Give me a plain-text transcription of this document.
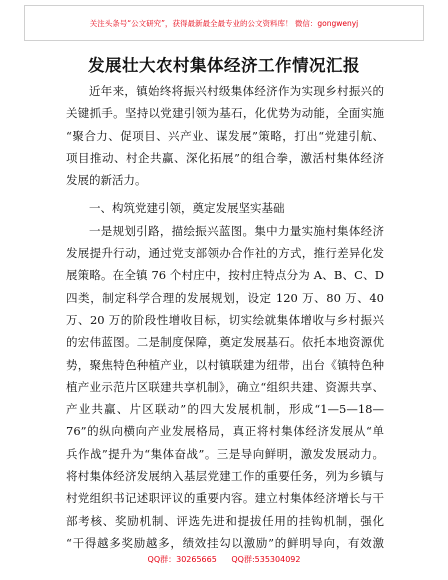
关注头条号“公文研究”，获得最新最全最专业的公文资料库！ 微信：gongwenyj
发展壮大农村集体经济工作情况汇报
近年来，镇始终将振兴村级集体经济作为实现乡村振兴的
关键抓手。坚持以党建引领为基石，化优势为动能，全面实施
“聚合力、促项目、兴产业、谋发展”策略，打出“党建引航、
项目推动、村企共赢、深化拓展”的组合拳，激活村集体经济
发展的新活力。
一、构筑党建引领，奠定发展坚实基础
一是规划引路，描绘振兴蓝图。集中力量实施村集体经济
发展提升行动，通过党支部领办合作社的方式，推行差异化发
展策略。在全镇 76 个村庄中，按村庄特点分为 A、B、C、D
四类，制定科学合理的发展规划，设定 120 万、80 万、40
万、20 万的阶段性增收目标，切实绘就集体增收与乡村振兴
的宏伟蓝图。二是制度保障，奠定发展基石。依托本地资源优
势，聚焦特色种植产业，以村镇联建为纽带，出台《镇特色种
植产业示范片区联建共享机制》，确立“组织共建、资源共享、
产业共赢、片区联动”的四大发展机制，形成“1—5—18—
76”的纵向横向产业发展格局，真正将村集体经济发展从“单
兵作战”提升为“集体奋战”。三是导向鲜明，激发发展动力。
将村集体经济发展纳入基层党建工作的重要任务，列为乡镇与
村党组织书记述职评议的重要内容。建立村集体经济增长与干
部考核、奖励机制、评选先进和提拔任用的挂钩机制，强化
“干得越多奖励越多，绩效挂勾以激励”的鲜明导向，有效激
QQ群：30265665 QQ群:535304092
